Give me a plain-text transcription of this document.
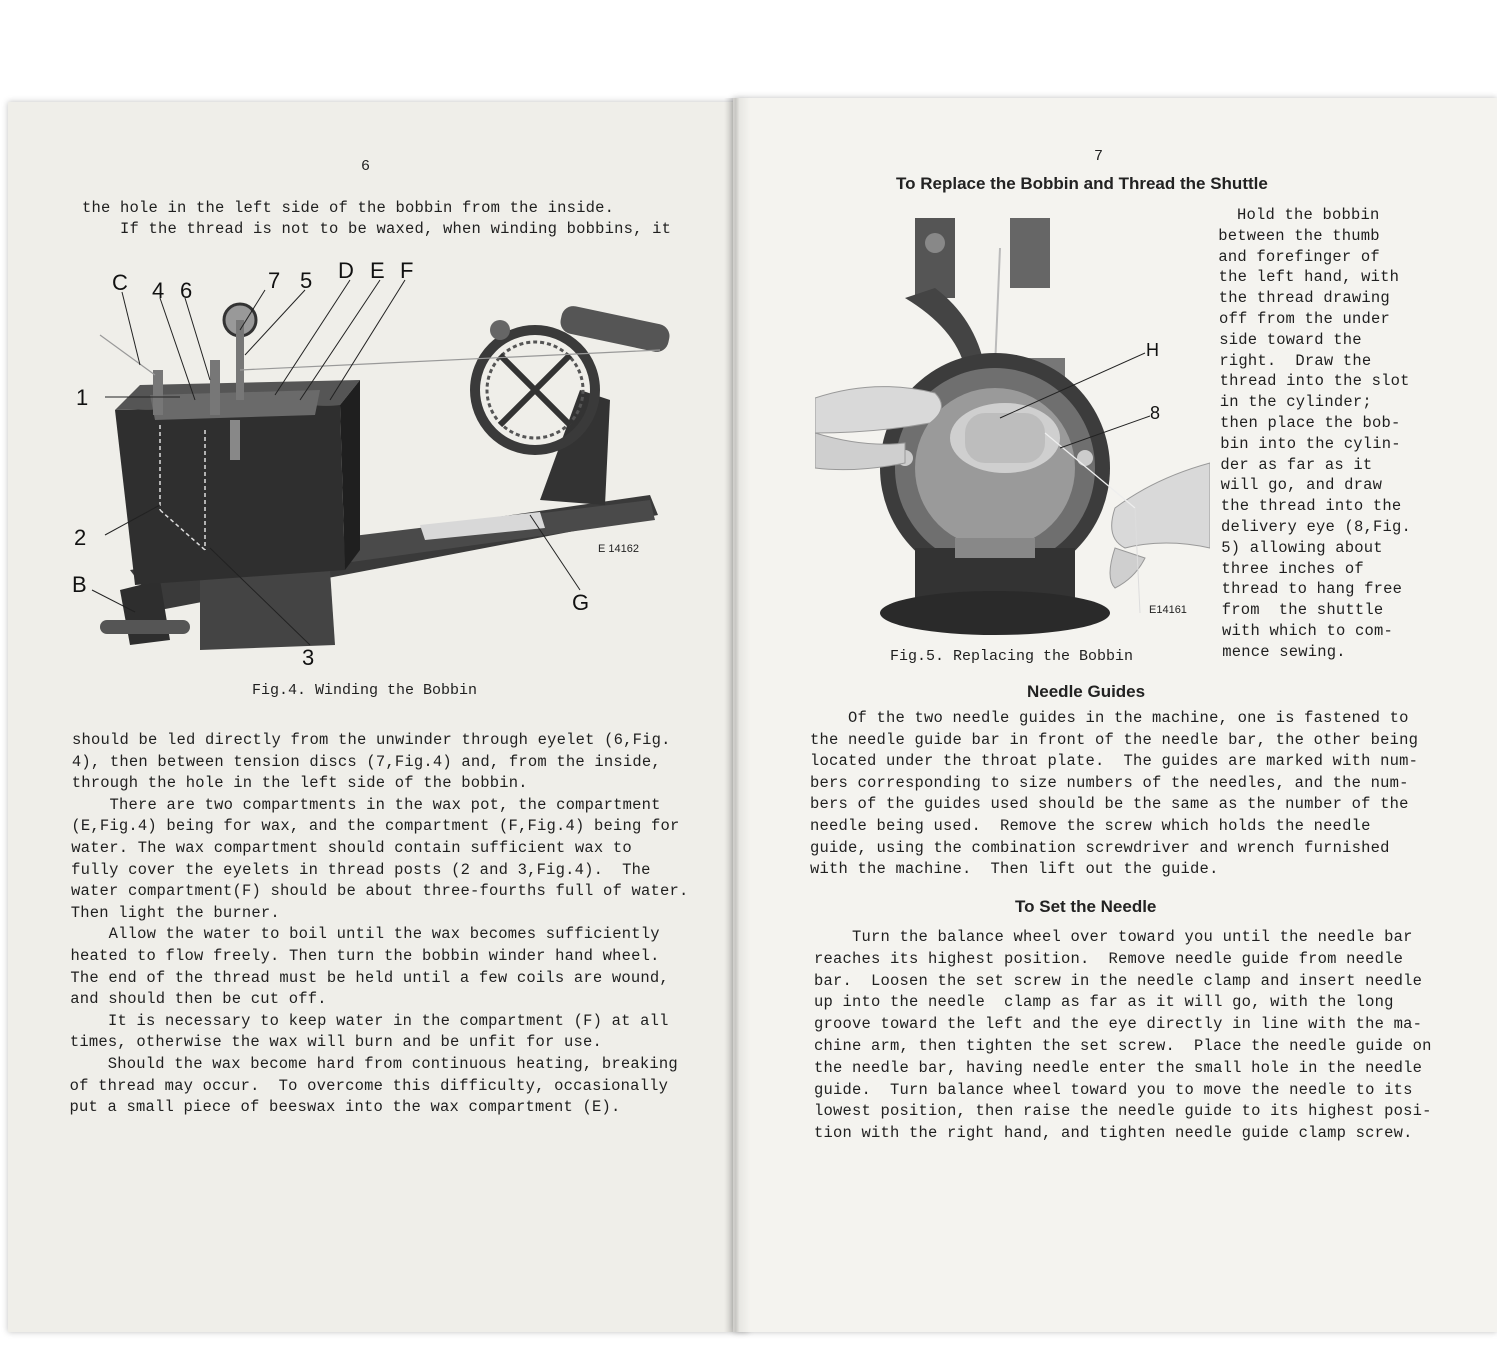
6
the hole in the left side of the bobbin from the inside.
If the thread is not to be waxed, when winding bobbins, it
C 4 6	7 5 D E F
1
2
B
3
G
E 14162
Fig.4. Winding the Bobbin
should be led directly from the unwinder through eyelet (6,Fig.
4), then between tension discs (7,Fig.4) and, from the inside,
through the hole in the left side of the bobbin.
There are two compartments in the wax pot, the compartment
(E,Fig.4) being for wax, and the compartment (F,Fig.4) being for
water. The wax compartment should contain sufficient wax to
fully cover the eyelets in thread posts (2 and 3,Fig.4).  The
water compartment(F) should be about three-fourths full of water.
Then light the burner.
Allow the water to boil until the wax becomes sufficiently
heated to flow freely. Then turn the bobbin winder hand wheel.
The end of the thread must be held until a few coils are wound,
and should then be cut off.
It is necessary to keep water in the compartment (F) at all
times, otherwise the wax will burn and be unfit for use.
Should the wax become hard from continuous heating, breaking
of thread may occur.  To overcome this difficulty, occasionally
put a small piece of beeswax into the wax compartment (E).
7
To Replace the Bobbin and Thread the Shuttle
H
8
E14161
Fig.5. Replacing the Bobbin
Hold the bobbin
between the thumb
and forefinger of
the left hand, with
the thread drawing
off from the under
side toward the
right.  Draw the
thread into the slot
in the cylinder;
then place the bob-
bin into the cylin-
der as far as it
will go, and draw
the thread into the
delivery eye (8,Fig.
5) allowing about
three inches of
thread to hang free
from  the shuttle
with which to com-
mence sewing.
Needle Guides
Of the two needle guides in the machine, one is fastened to
the needle guide bar in front of the needle bar, the other being
located under the throat plate.  The guides are marked with num-
bers corresponding to size numbers of the needles, and the num-
bers of the guides used should be the same as the number of the
needle being used.  Remove the screw which holds the needle
guide, using the combination screwdriver and wrench furnished
with the machine.  Then lift out the guide.
To Set the Needle
Turn the balance wheel over toward you until the needle bar
reaches its highest position.  Remove needle guide from needle
bar.  Loosen the set screw in the needle clamp and insert needle
up into the needle  clamp as far as it will go, with the long
groove toward the left and the eye directly in line with the ma-
chine arm, then tighten the set screw.  Place the needle guide on
the needle bar, having needle enter the small hole in the needle
guide.  Turn balance wheel toward you to move the needle to its
lowest position, then raise the needle guide to its highest posi-
tion with the right hand, and tighten needle guide clamp screw.
